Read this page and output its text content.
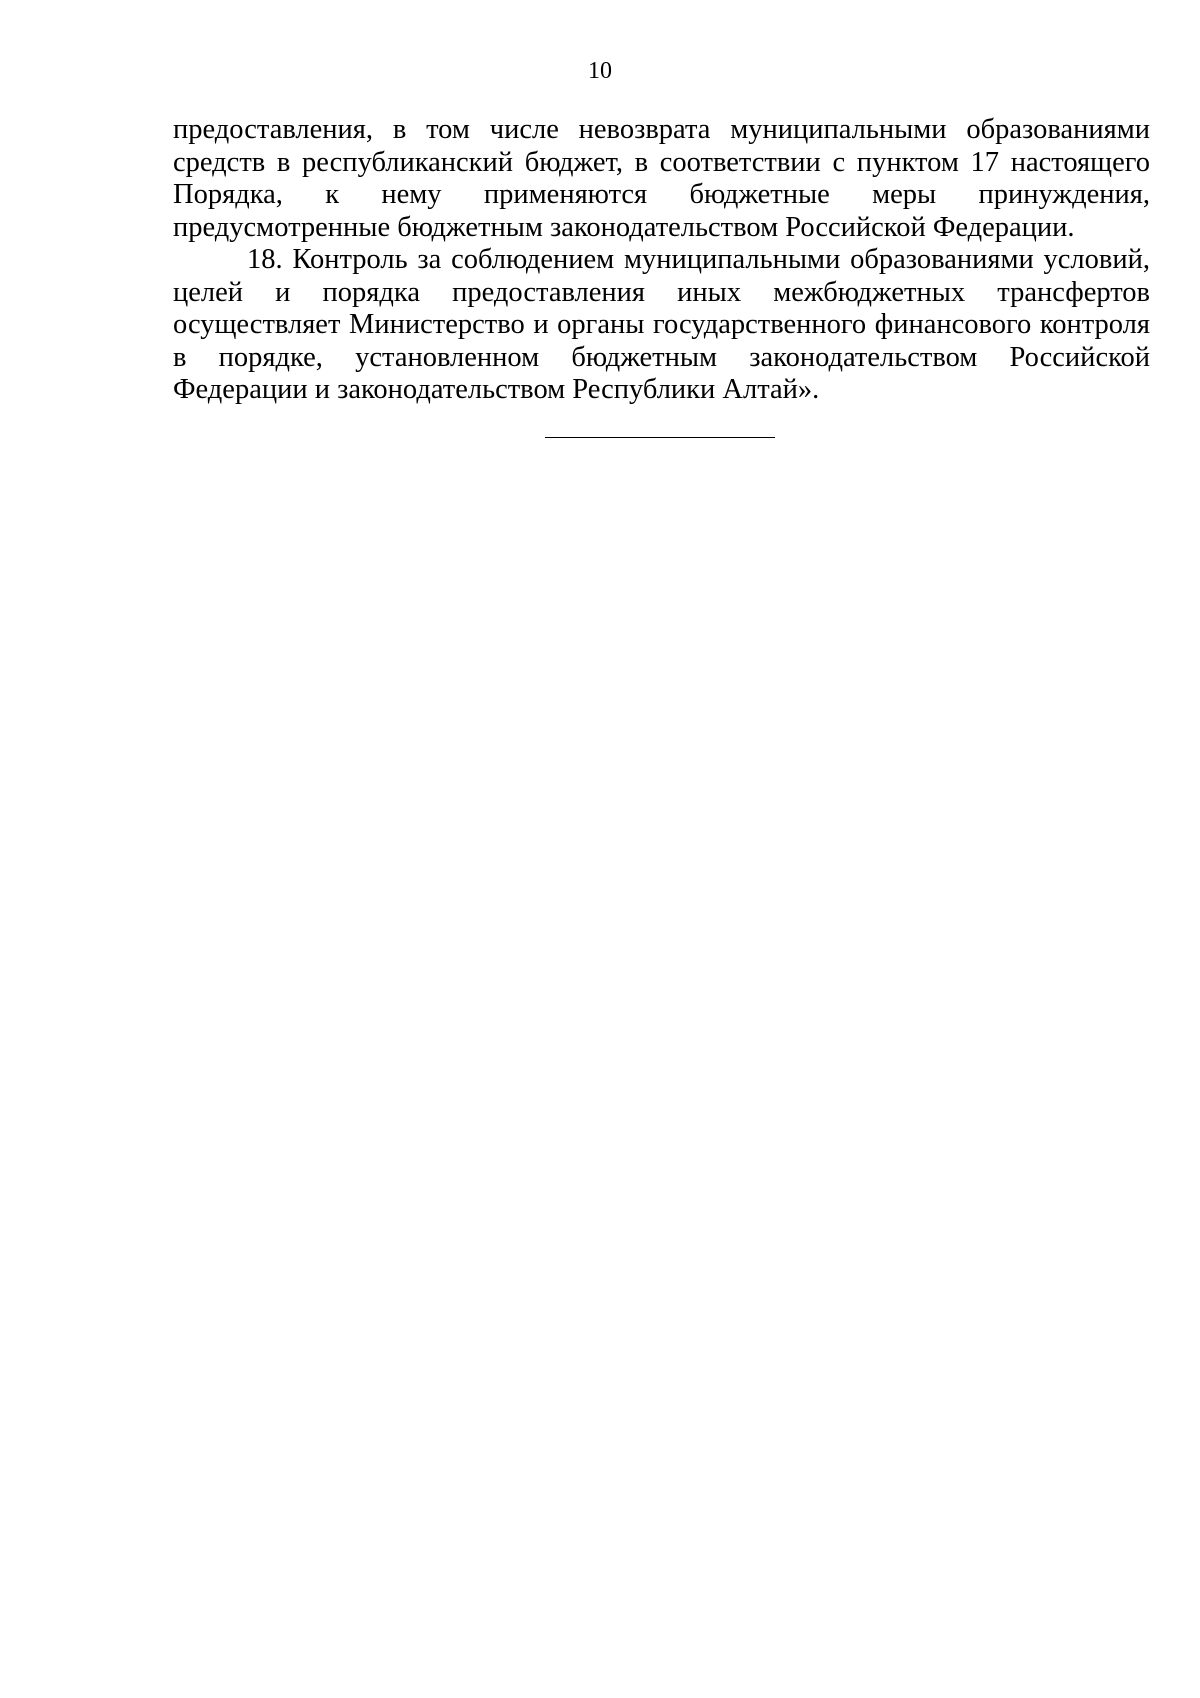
10

предоставления, в том числе невозврата муниципальными образованиями средств в республиканский бюджет, в соответствии с пунктом 17 настоящего Порядка, к нему применяются бюджетные меры принуждения, предусмотренные бюджетным законодательством Российской Федерации.

18. Контроль за соблюдением муниципальными образованиями условий, целей и порядка предоставления иных межбюджетных трансфертов осуществляет Министерство и органы государственного финансового контроля в порядке, установленном бюджетным законодательством Российской Федерации и законодательством Республики Алтай».
